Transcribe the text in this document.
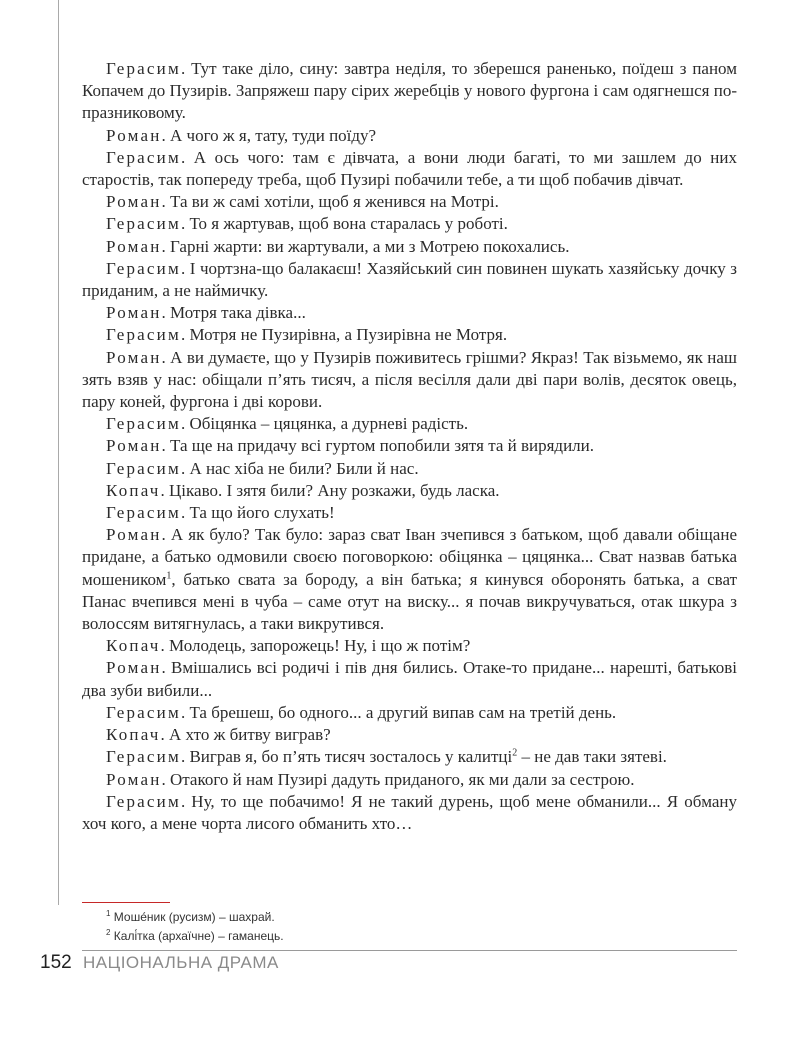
Герасим. Тут таке діло, сину: завтра неділя, то зберешся раненько, поїдеш з паном Копачем до Пузирів. Запряжеш пару сірих жеребців у нового фургона і сам одягнешся по-празниковому.

Роман. А чого ж я, тату, туди поїду?

Герасим. А ось чого: там є дівчата, а вони люди багаті, то ми зашлем до них старостів, так попереду треба, щоб Пузирі побачили тебе, а ти щоб побачив дівчат.

Роман. Та ви ж самі хотіли, щоб я женився на Мотрі.

Герасим. То я жартував, щоб вона старалась у роботі.

Роман. Гарні жарти: ви жартували, а ми з Мотрею покохались.

Герасим. І чортзна-що балакаєш! Хазяйський син повинен шукать хазяйську дочку з приданим, а не наймичку.

Роман. Мотря така дівка...

Герасим. Мотря не Пузирівна, а Пузирівна не Мотря.

Роман. А ви думаєте, що у Пузирів поживитесь грішми? Якраз! Так візьмемо, як наш зять взяв у нас: обіщали п’ять тисяч, а після весілля дали дві пари волів, десяток овець, пару коней, фургона і дві корови.

Герасим. Обіцянка – цяцянка, а дурневі радість.

Роман. Та ще на придачу всі гуртом попобили зятя та й вирядили.

Герасим. А нас хіба не били? Били й нас.

Копач. Цікаво. І зятя били? Ану розкажи, будь ласка.

Герасим. Та що його слухать!

Роман. А як було? Так було: зараз сват Іван зчепився з батьком, щоб давали обіщане придане, а батько одмовили своєю поговоркою: обіцянка – цяцянка... Сват назвав батька мошеником$^1$, батько свата за бороду, а він батька; я кинувся оборонять батька, а сват Панас вчепився мені в чуба – саме отут на виску... я почав викручуваться, отак шкура з волоссям витягнулась, а таки викрутився.

Копач. Молодець, запорожець! Ну, і що ж потім?

Роман. Вмішались всі родичі і пів дня бились. Отаке-то придане... нарешті, батькові два зуби вибили...

Герасим. Та брешеш, бо одного... а другий випав сам на третій день.

Копач. А хто ж битву виграв?

Герасим. Виграв я, бо п’ять тисяч зосталось у калитці$^2$ – не дав таки зятеві.

Роман. Отакого й нам Пузирі дадуть приданого, як ми дали за сестрою.

Герасим. Ну, то ще побачимо! Я не такий дурень, щоб мене обманили... Я обману хоч кого, а мене чорта лисого обманить хто…

$^1$ Моше́ник (русизм) – шахрай.
$^2$ Калі́тка (архаїчне) – гаманець.
152 НАЦІОНАЛЬНА ДРАМА
